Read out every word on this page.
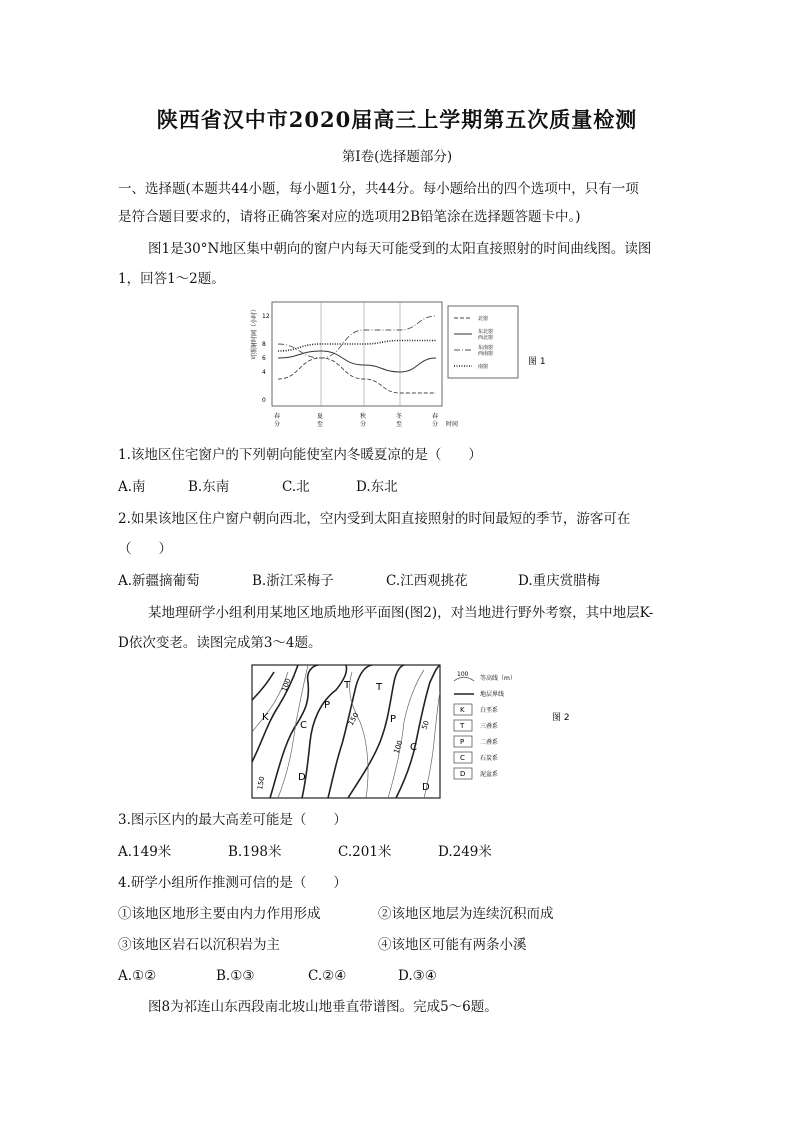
陕西省汉中市2020届高三上学期第五次质量检测
第Ⅰ卷(选择题部分)
一、选择题(本题共44小题，每小题1分，共44分。每小题给出的四个选项中，只有一项
是符合题目要求的，请将正确答案对应的选项用2B铅笔涂在选择题答题卡中。)
图1是30°N地区集中朝向的窗户内每天可能受到的太阳直接照射的时间曲线图。读图
1，回答1～2题。
可照射时间（小时） 12
8
6
4
0
春
分
夏
至
秋
分
冬
至
春
分 时间
北窗
东北窗
西北窗
东南窗
西南窗
南窗	图 1
1.该地区住宅窗户的下列朝向能使室内冬暖夏凉的是（　　）
A.南	B.东南	C.北	D.东北
2.如果该地区住户窗户朝向西北，空内受到太阳直接照射的时间最短的季节，游客可在
（　　）
A.新疆摘葡萄	B.浙江采梅子	C.江西观挑花	D.重庆赏腊梅
某地理研学小组利用某地区地质地形平面图(图2)，对当地进行野外考察，其中地层K-
D依次变老。读图完成第3～4题。
K
C
P
T	T
P
C
D
D
100
150
150
100
50
100
等高线（m）
地层界线
K	白垩系
T	三叠系
P	二叠系
C	石炭系
D 泥盆系
图 2
3.图示区内的最大高差可能是（　　）
A.149米	B.198米	C.201米	D.249米
4.研学小组所作推测可信的是（　　）
①该地区地形主要由内力作用形成	②该地区地层为连续沉积而成
③该地区岩石以沉积岩为主	④该地区可能有两条小溪
A.①②	B.①③	C.②④	D.③④
图8为祁连山东西段南北坡山地垂直带谱图。完成5～6题。
